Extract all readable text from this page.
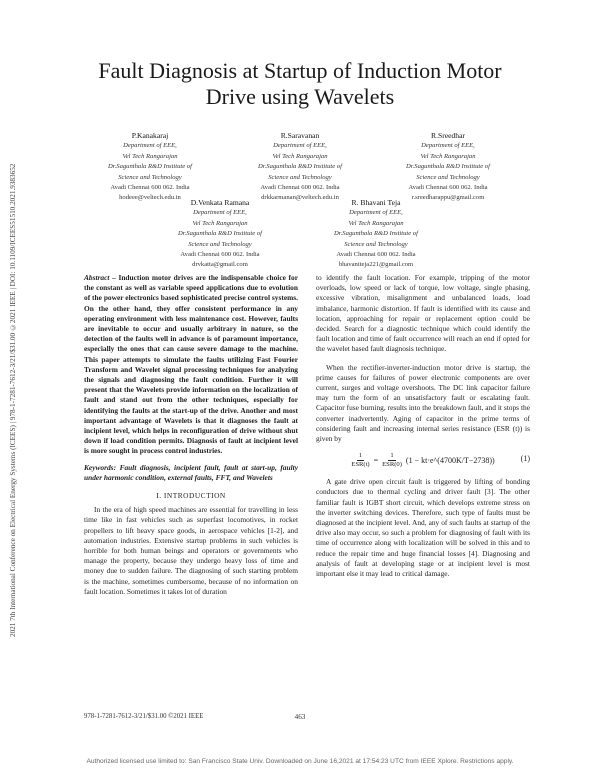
2021 7th International Conference on Electrical Energy Systems (ICEES) | 978-1-7281-7612-3/21/$31.00 ©2021 IEEE | DOI: 10.1109/ICEES51510.2021.9383652
Fault Diagnosis at Startup of Induction Motor
Drive using Wavelets
P.Kanakaraj
Department of EEE,
Vel Tech Rangarajan
Dr.Sagunthala R&D Institute of
Science and Technology
Avadi Chennai 600 062. India
hodeee@veltech.edu.in
R.Saravanan
Department of EEE,
Vel Tech Rangarajan
Dr.Sagunthala R&D Institute of
Science and Technology
Avadi Chennai 600 062. India
drkkarmanan@veltech.edu.in
R.Sreedhar
Department of EEE,
Vel Tech Rangarajan
Dr.Sagunthala R&D Institute of
Science and Technology
Avadi Chennai 600 062. India
r.sreedharappu@gmail.com
D.Venkata Ramana
Department of EEE,
Vel Tech Rangarajan
Dr.Sagunthala R&D Institute of
Science and Technology
Avadi Chennai 600 062. India
drvkatta@gmail.com
R. Bhavani Teja
Department of EEE,
Vel Tech Rangarajan
Dr.Sagunthala R&D Institute of
Science and Technology
Avadi Chennai 600 062. India
bhavaniteja221@gmail.com

Abstract – Induction motor drives are the indispensable choice for the constant as well as variable speed applications due to evolution of the power electronics based sophisticated precise control systems. On the other hand, they offer consistent performance in any operating environment with less maintenance cost. However, faults are inevitable to occur and usually arbitrary in nature, so the detection of the faults well in advance is of paramount importance, especially the ones that can cause severe damage to the machine. This paper attempts to simulate the faults utilizing Fast Fourier Transform and Wavelet signal processing techniques for analyzing the signals and diagnosing the fault condition. Further it will present that the Wavelets provide information on the localization of fault and stand out from the other techniques, especially for identifying the faults at the start-up of the drive. Another and most important advantage of Wavelets is that it diagnoses the fault at incipient level, which helps in reconfiguration of drive without shut down if load condition permits. Diagnosis of fault at incipient level is more sought in process control industries.

Keywords: Fault diagnosis, incipient fault, fault at start-up, faulty under harmonic condition, external faults, FFT, and Wavelets

I. INTRODUCTION

In the era of high speed machines are essential for travelling in less time like in fast vehicles such as superfast locomotives, in rocket propellers to lift heavy space goods, in aerospace vehicles [1-2], and automation industries. Extensive startup problems in such vehicles is horrible for both human beings and operators or governments who manage the property, because they undergo heavy loss of time and money due to sudden failure. The diagnosing of such starting problem is the machine, sometimes cumbersome, because of no information on fault location. Sometimes it takes lot of duration

to identify the fault location. For example, tripping of the motor overloads, low speed or lack of torque, low voltage, single phasing, excessive vibration, misalignment and unbalanced loads, load imbalance, harmonic distortion. If fault is identified with its cause and location, approaching for repair or replacement option could be decided. Search for a diagnostic technique which could identify the fault location and time of fault occurrence will reach an end if opted for the wavelet based fault diagnosis technique.

When the rectifier-inverter-induction motor drive is startup, the prime causes for failures of power electronic components are over current, surges and voltage overshoots. The DC link capacitor failure may turn the form of an unsatisfactory fault or escalating fault. Capacitor fuse burning, results into the breakdown fault, and it stops the converter inadvertently. Aging of capacitor in the prime terms of considering fault and increasing internal series resistance (ESR (t)) is given by

$\frac{1}{\text{ESR(t)}} = \frac{1}{\text{ESR(0)}} (1$ − kt·e^(4700K/T−2738))	(1)

A gate drive open circuit fault is triggered by lifting of bonding conductors due to thermal cycling and driver fault [3]. The other familiar fault is IGBT short circuit, which develops extreme stress on the inverter switching devices. Therefore, such type of faults must be diagnosed at the incipient level. And, any of such faults at startup of the drive also may occur, so such a problem for diagnosing of fault with its time of occurrence along with localization will be solved in this and to reduce the repair time and huge financial losses [4]. Diagnosing and analysis of fault at developing stage or at incipient level is most important else it may lead to critical damage.

978-1-7281-7612-3/21/$31.00 ©2021 IEEE	463
Authorized licensed use limited to: San Francisco State Univ. Downloaded on June 16,2021 at 17:54:23 UTC from IEEE Xplore. Restrictions apply.
